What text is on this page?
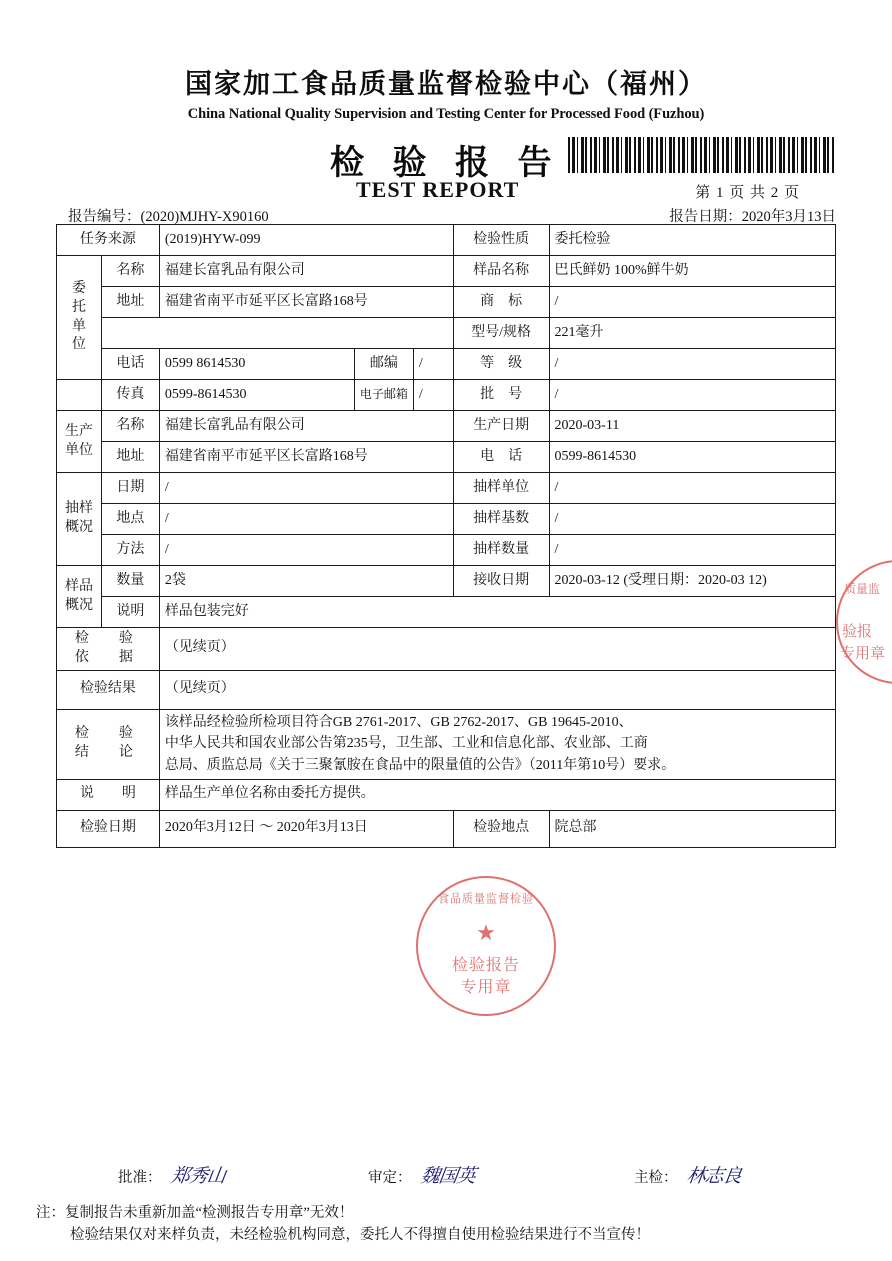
国家加工食品质量监督检验中心（福州）
China National Quality Supervision and Testing Center for Processed Food (Fuzhou)
检 验 报 告
TEST REPORT	第 1 页 共 2 页
报告编号：(2020)MJHY-X90160	报告日期：2020年3月13日
任务来源		(2019)HYW-099			检验性质	委托检验

委
托
单
位	名称	福建长富乳品有限公司			样品名称	巴氏鲜奶 100%鲜牛奶
	地址	福建省南平市延平区长富路168号			商　标	/
					型号/规格	221毫升
	电话	0599 8614530	邮编	/	等　级	/
	传真	0599-8614530	电子邮箱	/	批　号	/

生产
单位	名称	福建长富乳品有限公司			生产日期	2020-03-11
	地址	福建省南平市延平区长富路168号			电　话	0599-8614530

抽样
概况	日期	/			抽样单位	/
	地点	/			抽样基数	/
	方法	/			抽样数量	/

样品
概况	数量	2袋			接收日期	2020-03-12 (受理日期：2020-03 12)
	说明	样品包装完好				

检　验
依　据		（见续页）				
检验结果		（见续页）				

检　验
结　论

该样品经检验所检项目符合GB 2761-2017、GB 2762-2017、GB 19645-2010、
中华人民共和国农业部公告第235号，卫生部、工业和信息化部、农业部、工商
总局、质监总局《关于三聚氰胺在食品中的限量值的公告》（2011年第10号）要求。

说　　明		样品生产单位名称由委托方提供。				
检验日期		2020年3月12日 ～ 2020年3月13日			检验地点	院总部
批准： 郑秀山	审定： 魏国英	主检： 林志良
注：复制报告未重新加盖“检测报告专用章”无效！
检验结果仅对来样负责，未经检验机构同意，委托人不得擅自使用检验结果进行不当宣传！
食品质量监督检验
★
检验报告
专用章
质量监
验报
专用章
